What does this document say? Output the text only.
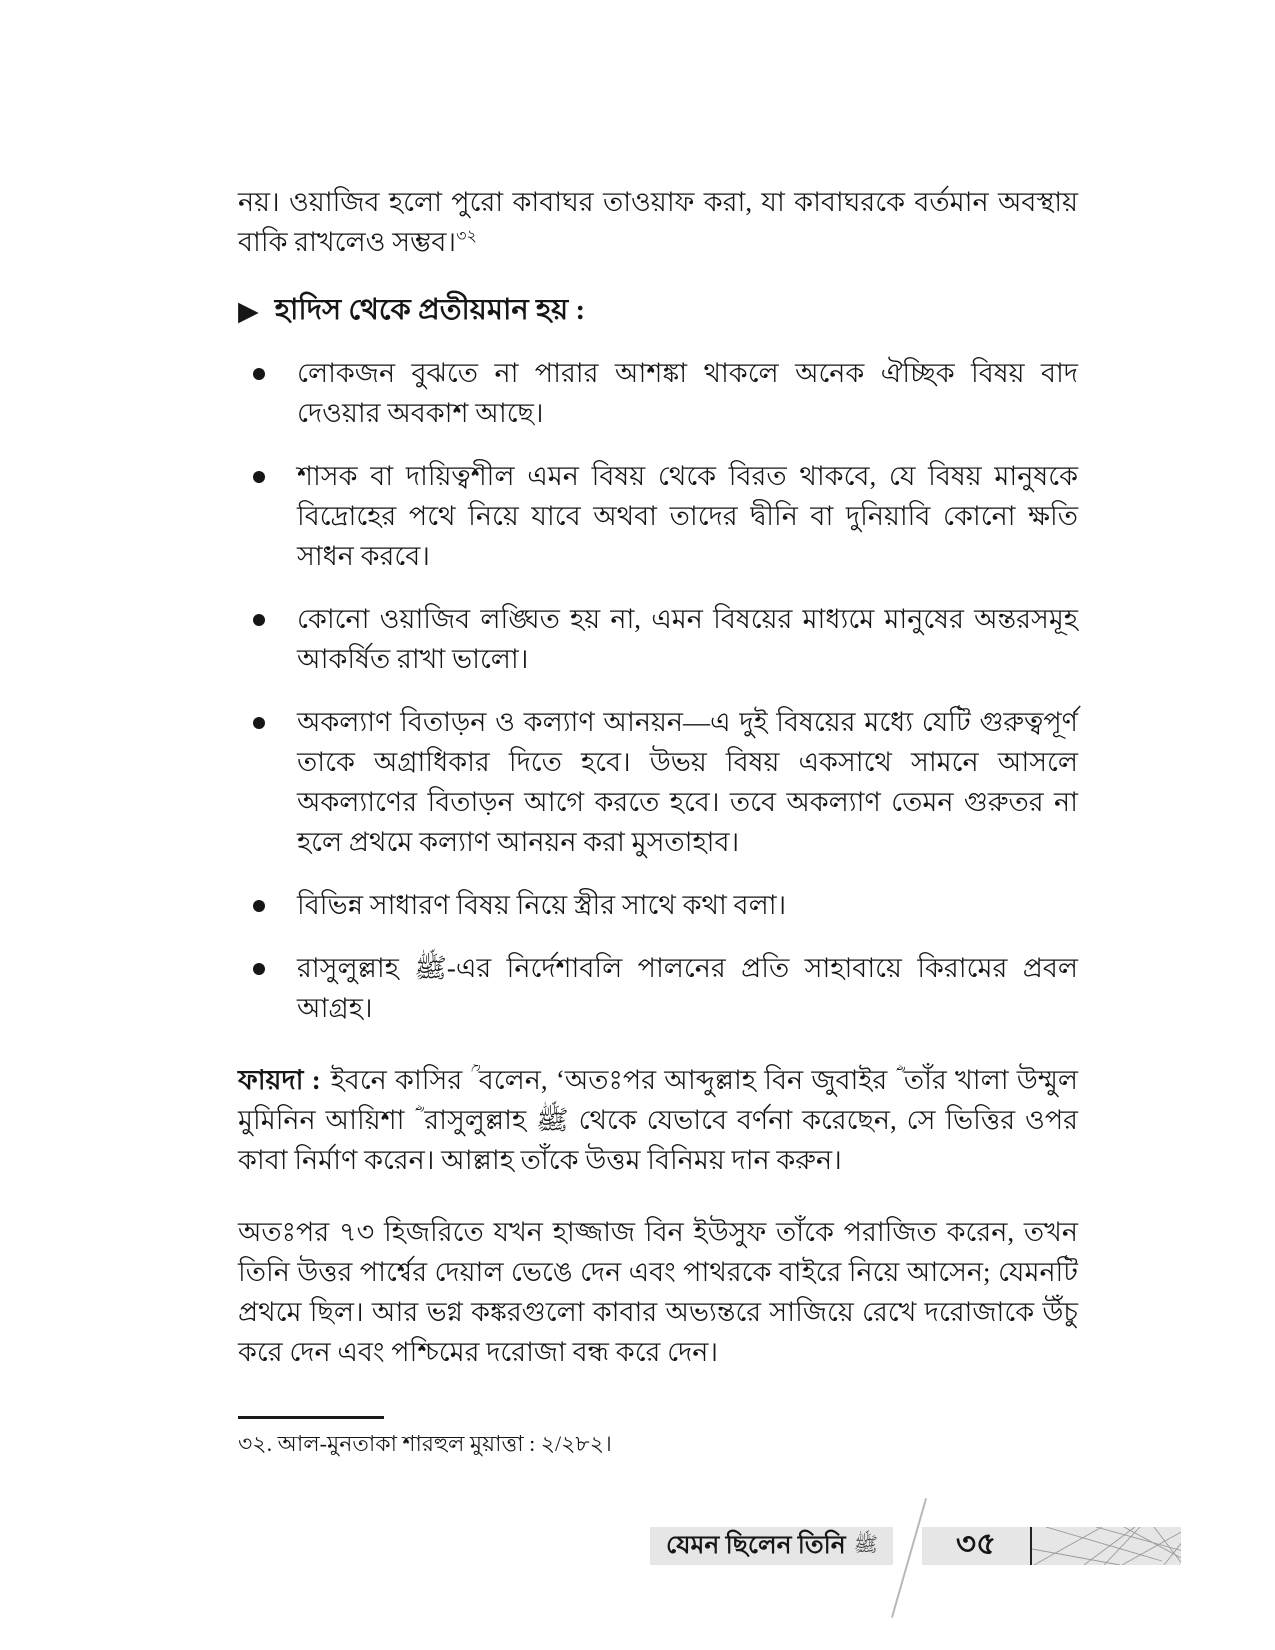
নয়। ওয়াজিব হলো পুরো কাবাঘর তাওয়াফ করা, যা কাবাঘরকে বর্তমান অবস্থায় বাকি রাখলেও সম্ভব।$^{৩২}$

▶ হাদিস থেকে প্রতীয়মান হয় :
লোকজন বুঝতে না পারার আশঙ্কা থাকলে অনেক ঐচ্ছিক বিষয় বাদ দেওয়ার অবকাশ আছে।
শাসক বা দায়িত্বশীল এমন বিষয় থেকে বিরত থাকবে, যে বিষয় মানুষকে বিদ্রোহের পথে নিয়ে যাবে অথবা তাদের দ্বীনি বা দুনিয়াবি কোনো ক্ষতি সাধন করবে।
কোনো ওয়াজিব লঙ্ঘিত হয় না, এমন বিষয়ের মাধ্যমে মানুষের অন্তরসমূহ আকর্ষিত রাখা ভালো।
অকল্যাণ বিতাড়ন ও কল্যাণ আনয়ন—এ দুই বিষয়ের মধ্যে যেটি গুরুত্বপূর্ণ তাকে অগ্রাধিকার দিতে হবে। উভয় বিষয় একসাথে সামনে আসলে অকল্যাণের বিতাড়ন আগে করতে হবে। তবে অকল্যাণ তেমন গুরুতর না হলে প্রথমে কল্যাণ আনয়ন করা মুসতাহাব।
বিভিন্ন সাধারণ বিষয় নিয়ে স্ত্রীর সাথে কথা বলা।
রাসুলুল্লাহ ﷺ-এর নির্দেশাবলি পালনের প্রতি সাহাবায়ে কিরামের প্রবল আগ্রহ।

ফায়দা : ইবনে কাসির ؒ বলেন, ‘অতঃপর আব্দুল্লাহ বিন জুবাইর ؓ তাঁর খালা উম্মুল মুমিনিন আয়িশা ؓ রাসুলুল্লাহ ﷺ থেকে যেভাবে বর্ণনা করেছেন, সে ভিত্তির ওপর কাবা নির্মাণ করেন। আল্লাহ তাঁকে উত্তম বিনিময় দান করুন।

অতঃপর ৭৩ হিজরিতে যখন হাজ্জাজ বিন ইউসুফ তাঁকে পরাজিত করেন, তখন তিনি উত্তর পার্শ্বের দেয়াল ভেঙে দেন এবং পাথরকে বাইরে নিয়ে আসেন; যেমনটি প্রথমে ছিল। আর ভগ্ন কঙ্করগুলো কাবার অভ্যন্তরে সাজিয়ে রেখে দরোজাকে উঁচু করে দেন এবং পশ্চিমের দরোজা বন্ধ করে দেন।

৩২. আল-মুনতাকা শারহুল মুয়াত্তা : ২/২৮২।

যেমন ছিলেন তিনি ﷺ	৩৫
